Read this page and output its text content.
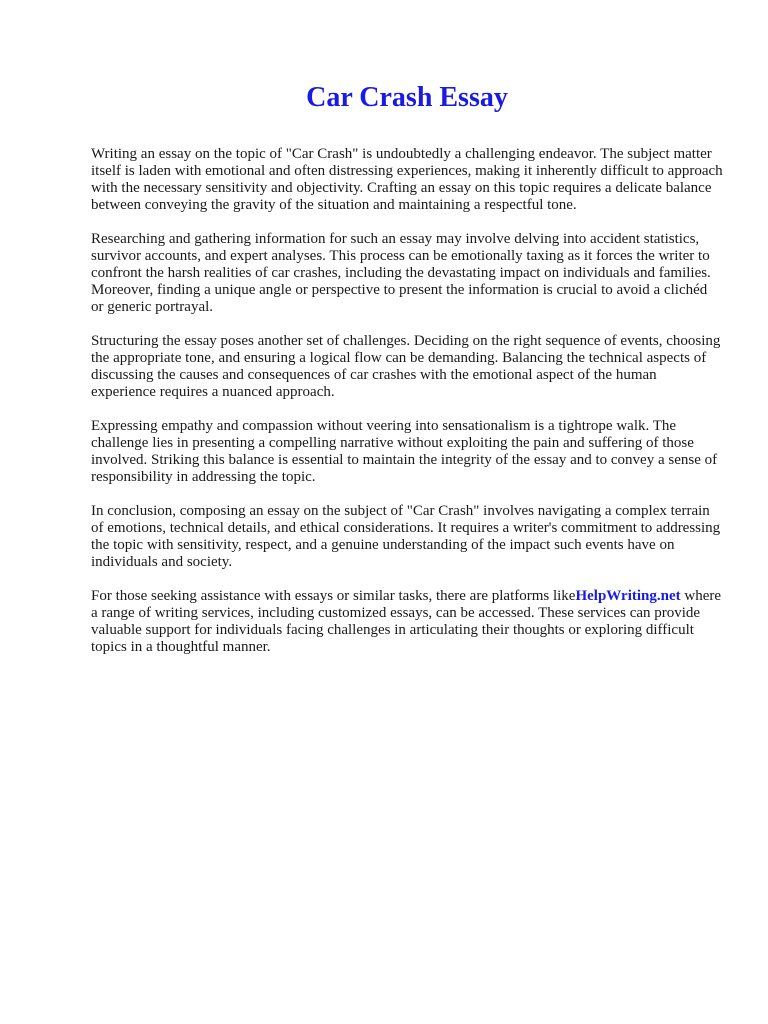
Car Crash Essay

Writing an essay on the topic of "Car Crash" is undoubtedly a challenging endeavor. The subject matter itself is laden with emotional and often distressing experiences, making it inherently difficult to approach with the necessary sensitivity and objectivity. Crafting an essay on this topic requires a delicate balance between conveying the gravity of the situation and maintaining a respectful tone.

Researching and gathering information for such an essay may involve delving into accident statistics, survivor accounts, and expert analyses. This process can be emotionally taxing as it forces the writer to confront the harsh realities of car crashes, including the devastating impact on individuals and families. Moreover, finding a unique angle or perspective to present the information is crucial to avoid a clichéd or generic portrayal.

Structuring the essay poses another set of challenges. Deciding on the right sequence of events, choosing the appropriate tone, and ensuring a logical flow can be demanding. Balancing the technical aspects of discussing the causes and consequences of car crashes with the emotional aspect of the human experience requires a nuanced approach.

Expressing empathy and compassion without veering into sensationalism is a tightrope walk. The challenge lies in presenting a compelling narrative without exploiting the pain and suffering of those involved. Striking this balance is essential to maintain the integrity of the essay and to convey a sense of responsibility in addressing the topic.

In conclusion, composing an essay on the subject of "Car Crash" involves navigating a complex terrain of emotions, technical details, and ethical considerations. It requires a writer's commitment to addressing the topic with sensitivity, respect, and a genuine understanding of the impact such events have on individuals and society.

For those seeking assistance with essays or similar tasks, there are platforms likeHelpWriting.net where a range of writing services, including customized essays, can be accessed. These services can provide valuable support for individuals facing challenges in articulating their thoughts or exploring difficult topics in a thoughtful manner.
